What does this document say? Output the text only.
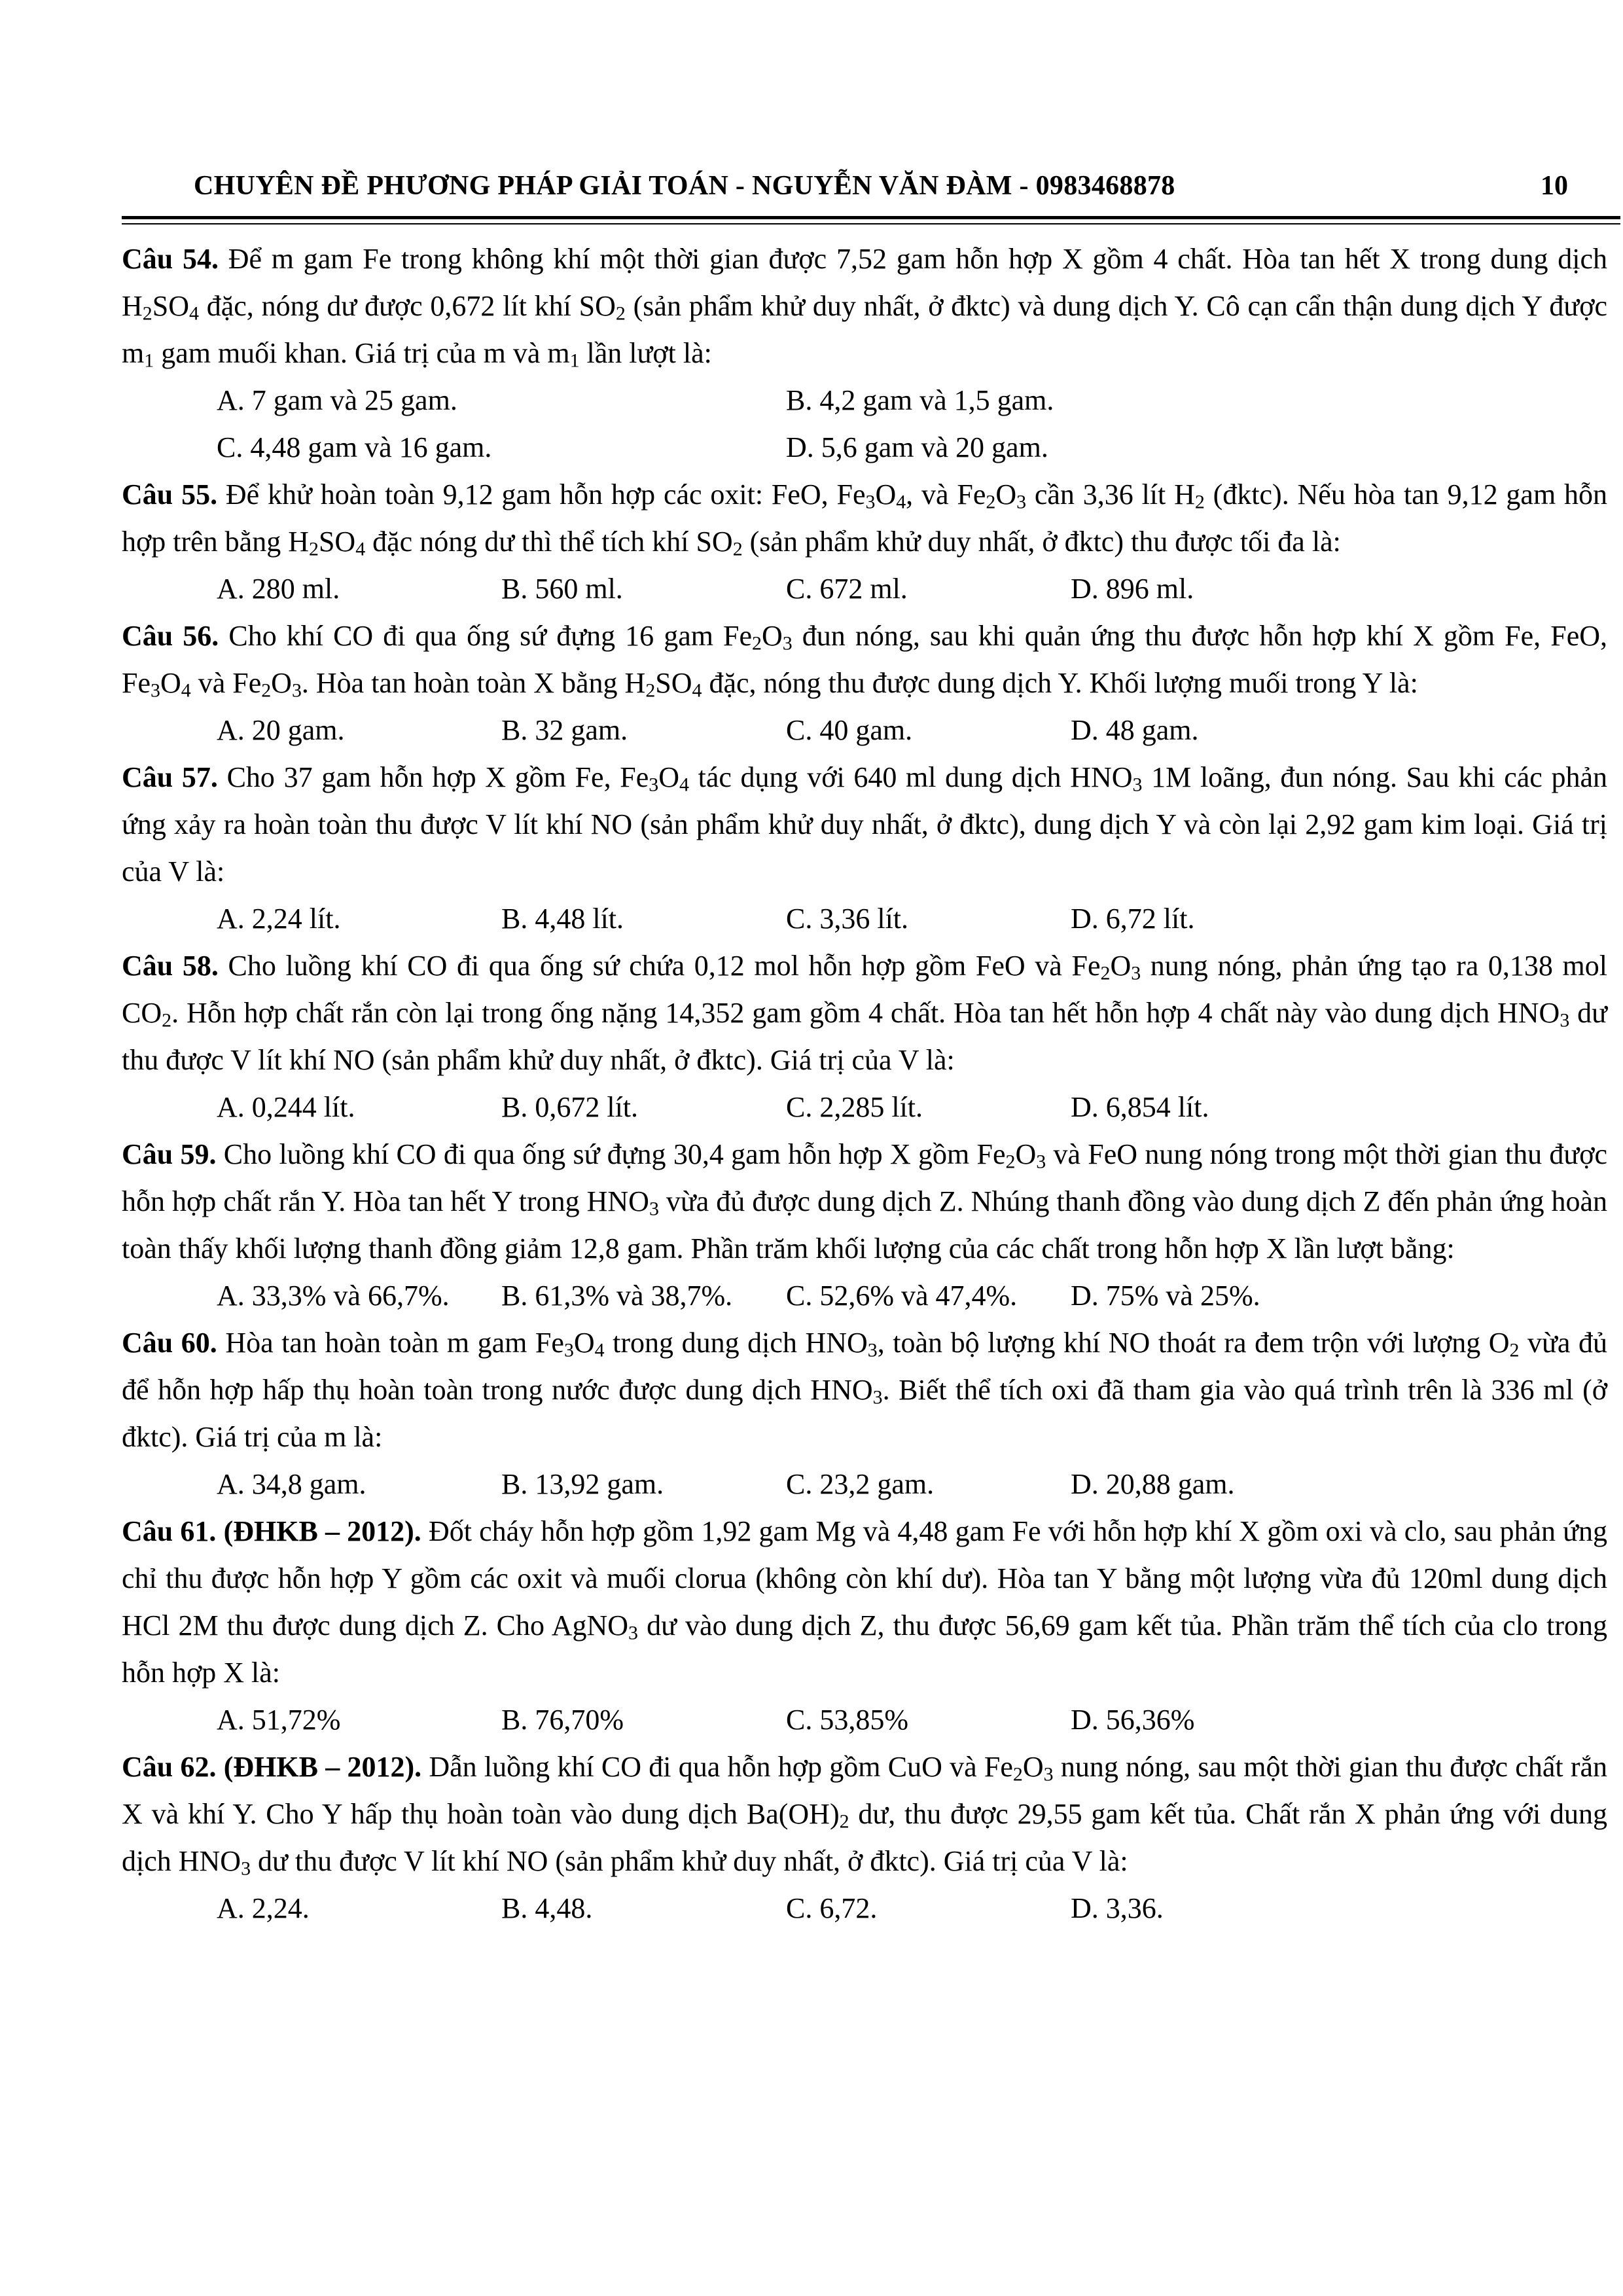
CHUYÊN ĐỀ PHƯƠNG PHÁP GIẢI TOÁN - NGUYỄN VĂN ĐÀM - 0983468878	10
Câu 54. Để m gam Fe trong không khí một thời gian được 7,52 gam hỗn hợp X gồm 4 chất. Hòa tan hết X trong dung dịch $H_2SO_4$ đặc, nóng dư được 0,672 lít khí $SO_2$ (sản phẩm khử duy nhất, ở đktc) và dung dịch Y. Cô cạn cẩn thận dung dịch Y được $m_1$ gam muối khan. Giá trị của m và $m_1$ lần lượt là:
A. 7 gam và 25 gam.	B. 4,2 gam và 1,5 gam.
C. 4,48 gam và 16 gam.	D. 5,6 gam và 20 gam.
Câu 55. Để khử hoàn toàn 9,12 gam hỗn hợp các oxit: FeO, $Fe_3O_4$, và $Fe_2O_3$ cần 3,36 lít $H_2$ (đktc). Nếu hòa tan 9,12 gam hỗn hợp trên bằng $H_2SO_4$ đặc nóng dư thì thể tích khí $SO_2$ (sản phẩm khử duy nhất, ở đktc) thu được tối đa là:
A. 280 ml.	B. 560 ml.	C. 672 ml.	D. 896 ml.
Câu 56. Cho khí CO đi qua ống sứ đựng 16 gam $Fe_2O_3$ đun nóng, sau khi quản ứng thu được hỗn hợp khí X gồm Fe, FeO, $Fe_3O_4$ và $Fe_2O_3$. Hòa tan hoàn toàn X bằng $H_2SO_4$ đặc, nóng thu được dung dịch Y. Khối lượng muối trong Y là:
A. 20 gam.	B. 32 gam.	C. 40 gam.	D. 48 gam.
Câu 57. Cho 37 gam hỗn hợp X gồm Fe, $Fe_3O_4$ tác dụng với 640 ml dung dịch $HNO_3$ 1M loãng, đun nóng. Sau khi các phản ứng xảy ra hoàn toàn thu được V lít khí NO (sản phẩm khử duy nhất, ở đktc), dung dịch Y và còn lại 2,92 gam kim loại. Giá trị của V là:
A. 2,24 lít.	B. 4,48 lít.	C. 3,36 lít.	D. 6,72 lít.
Câu 58. Cho luồng khí CO đi qua ống sứ chứa 0,12 mol hỗn hợp gồm FeO và $Fe_2O_3$ nung nóng, phản ứng tạo ra 0,138 mol $CO_2$. Hỗn hợp chất rắn còn lại trong ống nặng 14,352 gam gồm 4 chất. Hòa tan hết hỗn hợp 4 chất này vào dung dịch $HNO_3$ dư thu được V lít khí NO (sản phẩm khử duy nhất, ở đktc). Giá trị của V là:
A. 0,244 lít.	B. 0,672 lít.	C. 2,285 lít.	D. 6,854 lít.
Câu 59. Cho luồng khí CO đi qua ống sứ đựng 30,4 gam hỗn hợp X gồm $Fe_2O_3$ và FeO nung nóng trong một thời gian thu được hỗn hợp chất rắn Y. Hòa tan hết Y trong $HNO_3$ vừa đủ được dung dịch Z. Nhúng thanh đồng vào dung dịch Z đến phản ứng hoàn toàn thấy khối lượng thanh đồng giảm 12,8 gam. Phần trăm khối lượng của các chất trong hỗn hợp X lần lượt bằng:
A. 33,3% và 66,7%. B. 61,3% và 38,7%. C. 52,6% và 47,4%. D. 75% và 25%.
Câu 60. Hòa tan hoàn toàn m gam $Fe_3O_4$ trong dung dịch $HNO_3$, toàn bộ lượng khí NO thoát ra đem trộn với lượng $O_2$ vừa đủ để hỗn hợp hấp thụ hoàn toàn trong nước được dung dịch $HNO_3$. Biết thể tích oxi đã tham gia vào quá trình trên là 336 ml (ở đktc). Giá trị của m là:
A. 34,8 gam.	B. 13,92 gam.	C. 23,2 gam.	D. 20,88 gam.
Câu 61. (ĐHKB – 2012). Đốt cháy hỗn hợp gồm 1,92 gam Mg và 4,48 gam Fe với hỗn hợp khí X gồm oxi và clo, sau phản ứng chỉ thu được hỗn hợp Y gồm các oxit và muối clorua (không còn khí dư). Hòa tan Y bằng một lượng vừa đủ 120ml dung dịch HCl 2M thu được dung dịch Z. Cho AgNO$_3$ dư vào dung dịch Z, thu được 56,69 gam kết tủa. Phần trăm thể tích của clo trong hỗn hợp X là:
A. 51,72%	B. 76,70%	C. 53,85%	D. 56,36%
Câu 62. (ĐHKB – 2012). Dẫn luồng khí CO đi qua hỗn hợp gồm CuO và $Fe_2O_3$ nung nóng, sau một thời gian thu được chất rắn X và khí Y. Cho Y hấp thụ hoàn toàn vào dung dịch $Ba(OH)_2$ dư, thu được 29,55 gam kết tủa. Chất rắn X phản ứng với dung dịch $HNO_3$ dư thu được V lít khí NO (sản phẩm khử duy nhất, ở đktc). Giá trị của V là:
A. 2,24.	B. 4,48.	C. 6,72.	D. 3,36.
